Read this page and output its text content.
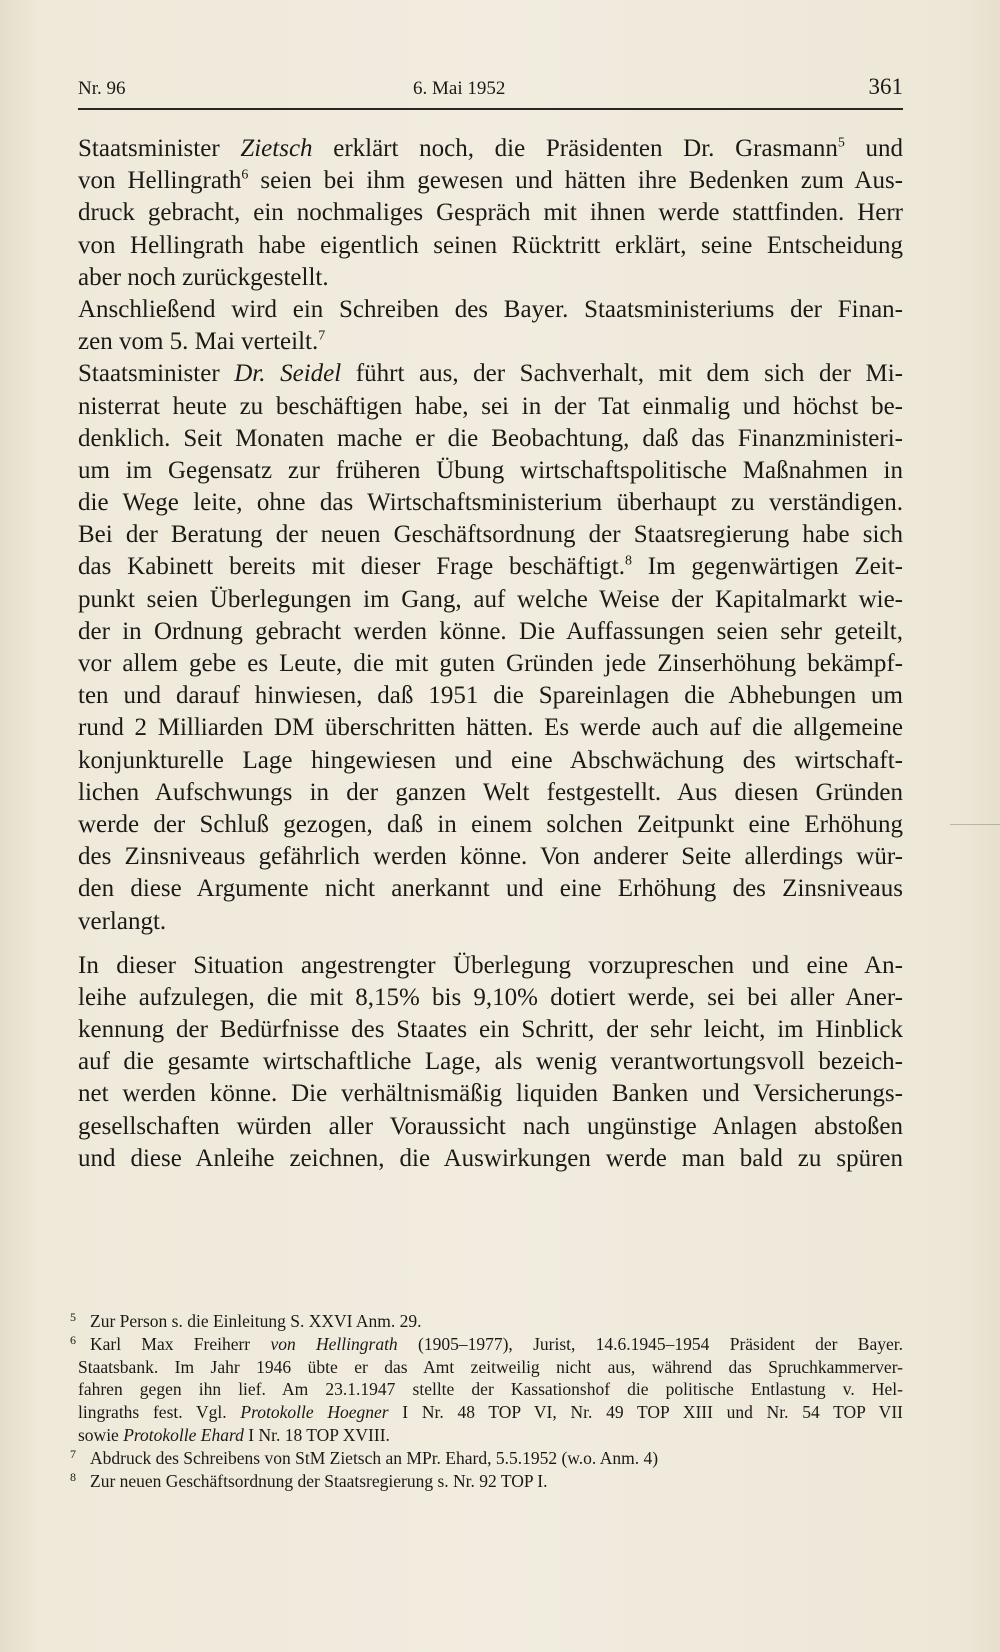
Nr. 96	6. Mai 1952	361
Staatsminister Zietsch erklärt noch, die Präsidenten Dr. Grasmann$^5$ und
von Hellingrath$^6$ seien bei ihm gewesen und hätten ihre Bedenken zum Aus-
druck gebracht, ein nochmaliges Gespräch mit ihnen werde stattfinden. Herr
von Hellingrath habe eigentlich seinen Rücktritt erklärt, seine Entscheidung
aber noch zurückgestellt.
Anschließend wird ein Schreiben des Bayer. Staatsministeriums der Finan-
zen vom 5. Mai verteilt.$^7$
Staatsminister Dr. Seidel führt aus, der Sachverhalt, mit dem sich der Mi-
nisterrat heute zu beschäftigen habe, sei in der Tat einmalig und höchst be-
denklich. Seit Monaten mache er die Beobachtung, daß das Finanzministeri-
um im Gegensatz zur früheren Übung wirtschaftspolitische Maßnahmen in
die Wege leite, ohne das Wirtschaftsministerium überhaupt zu verständigen.
Bei der Beratung der neuen Geschäftsordnung der Staatsregierung habe sich
das Kabinett bereits mit dieser Frage beschäftigt.$^8$ Im gegenwärtigen Zeit-
punkt seien Überlegungen im Gang, auf welche Weise der Kapitalmarkt wie-
der in Ordnung gebracht werden könne. Die Auffassungen seien sehr geteilt,
vor allem gebe es Leute, die mit guten Gründen jede Zinserhöhung bekämpf-
ten und darauf hinwiesen, daß 1951 die Spareinlagen die Abhebungen um
rund 2 Milliarden DM überschritten hätten. Es werde auch auf die allgemeine
konjunkturelle Lage hingewiesen und eine Abschwächung des wirtschaft-
lichen Aufschwungs in der ganzen Welt festgestellt. Aus diesen Gründen
werde der Schluß gezogen, daß in einem solchen Zeitpunkt eine Erhöhung
des Zinsniveaus gefährlich werden könne. Von anderer Seite allerdings wür-
den diese Argumente nicht anerkannt und eine Erhöhung des Zinsniveaus
verlangt.
In dieser Situation angestrengter Überlegung vorzupreschen und eine An-
leihe aufzulegen, die mit 8,15% bis 9,10% dotiert werde, sei bei aller Aner-
kennung der Bedürfnisse des Staates ein Schritt, der sehr leicht, im Hinblick
auf die gesamte wirtschaftliche Lage, als wenig verantwortungsvoll bezeich-
net werden könne. Die verhältnismäßig liquiden Banken und Versicherungs-
gesellschaften würden aller Voraussicht nach ungünstige Anlagen abstoßen
und diese Anleihe zeichnen, die Auswirkungen werde man bald zu spüren
5 Zur Person s. die Einleitung S. XXVI Anm. 29.
6 Karl Max Freiherr von Hellingrath (1905–1977), Jurist, 14.6.1945–1954 Präsident der Bayer.
Staatsbank. Im Jahr 1946 übte er das Amt zeitweilig nicht aus, während das Spruchkammerver-
fahren gegen ihn lief. Am 23.1.1947 stellte der Kassationshof die politische Entlastung v. Hel-
lingraths fest. Vgl. Protokolle Hoegner I Nr. 48 TOP VI, Nr. 49 TOP XIII und Nr. 54 TOP VII
sowie Protokolle Ehard I Nr. 18 TOP XVIII.
7 Abdruck des Schreibens von StM Zietsch an MPr. Ehard, 5.5.1952 (w.o. Anm. 4)
8 Zur neuen Geschäftsordnung der Staatsregierung s. Nr. 92 TOP I.
